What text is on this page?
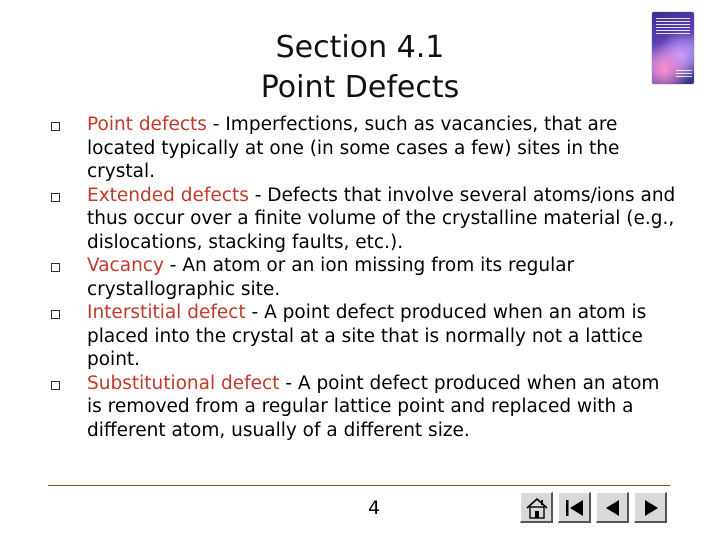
Section 4.1
Point Defects
Point defects - Imperfections, such as vacancies, that are located typically at one (in some cases a few) sites in the crystal.
Extended defects - Defects that involve several atoms/ions and thus occur over a finite volume of the crystalline material (e.g., dislocations, stacking faults, etc.).
Vacancy - An atom or an ion missing from its regular crystallographic site.
Interstitial defect - A point defect produced when an atom is placed into the crystal at a site that is normally not a lattice point.
Substitutional defect - A point defect produced when an atom is removed from a regular lattice point and replaced with a different atom, usually of a different size.
4
